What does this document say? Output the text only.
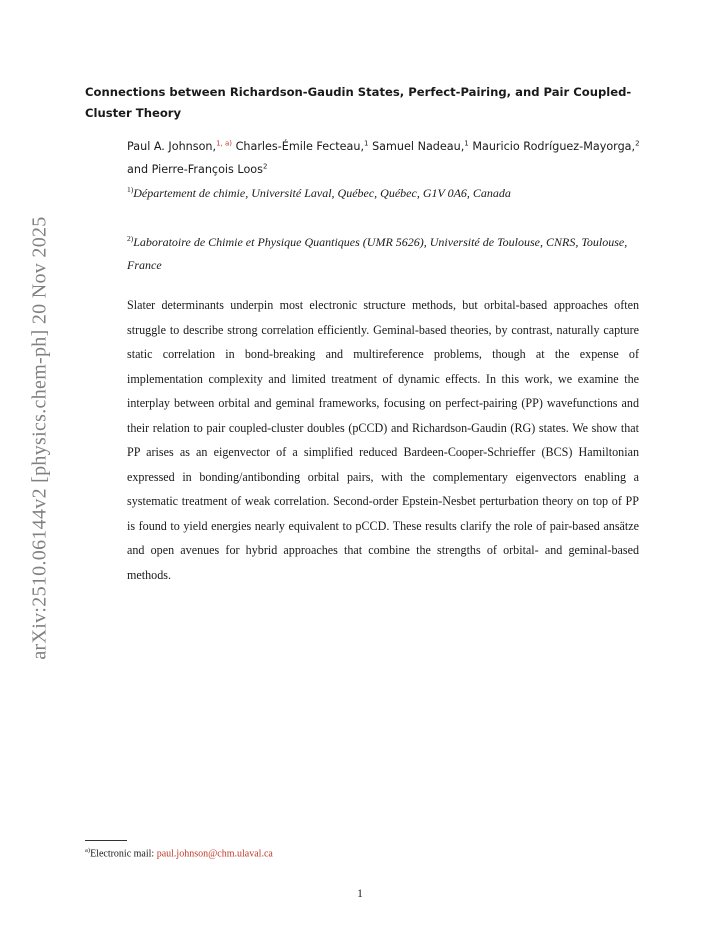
arXiv:2510.06144v2 [physics.chem-ph] 20 Nov 2025
Connections between Richardson-Gaudin States, Perfect-Pairing, and Pair Coupled-Cluster Theory

Paul A. Johnson,$^{1, a)}$ Charles-Émile Fecteau,$^1$ Samuel Nadeau,$^1$ Mauricio Rodríguez-Mayorga,$^2$ and Pierre-François Loos$^2$

$^{1)}$Département de chimie, Université Laval, Québec, Québec, G1V 0A6, Canada

$^{2)}$Laboratoire de Chimie et Physique Quantiques (UMR 5626), Université de Toulouse, CNRS, Toulouse, France

Slater determinants underpin most electronic structure methods, but orbital-based approaches often struggle to describe strong correlation efficiently. Geminal-based theories, by contrast, naturally capture static correlation in bond-breaking and multireference problems, though at the expense of implementation complexity and limited treatment of dynamic effects. In this work, we examine the interplay between orbital and geminal frameworks, focusing on perfect-pairing (PP) wavefunctions and their relation to pair coupled-cluster doubles (pCCD) and Richardson-Gaudin (RG) states. We show that PP arises as an eigenvector of a simplified reduced Bardeen-Cooper-Schrieffer (BCS) Hamiltonian expressed in bonding/antibonding orbital pairs, with the complementary eigenvectors enabling a systematic treatment of weak correlation. Second-order Epstein-Nesbet perturbation theory on top of PP is found to yield energies nearly equivalent to pCCD. These results clarify the role of pair-based ansätze and open avenues for hybrid approaches that combine the strengths of orbital- and geminal-based methods.

$^{a)}$Electronic mail: paul.johnson@chm.ulaval.ca

1
